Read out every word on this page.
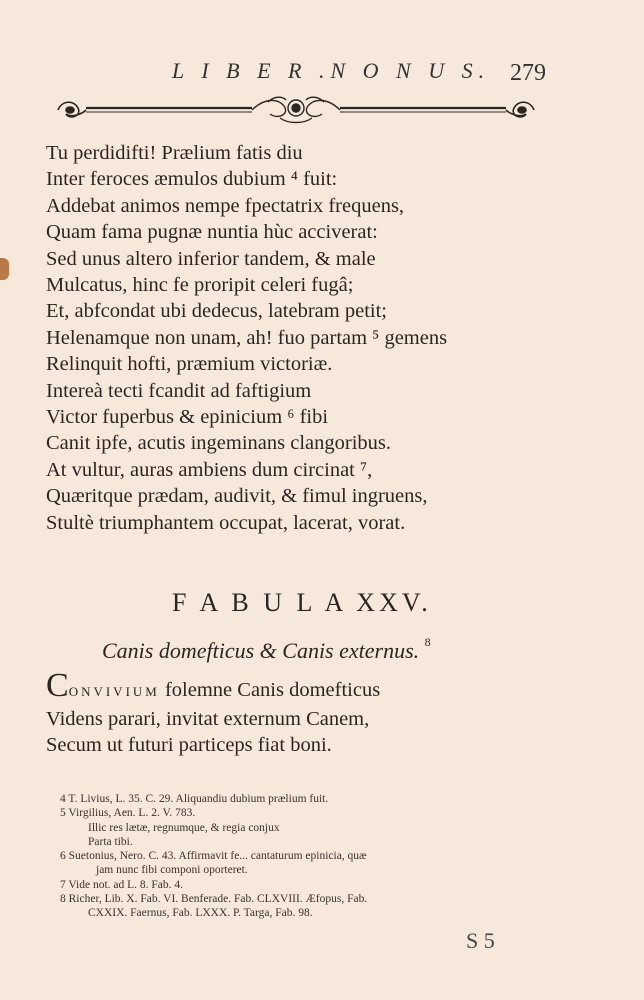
L I B E R .N O N U S. 279
Tu perdidifti! Prælium fatis diu
Inter feroces æmulos dubium ⁴ fuit:
Addebat animos nempe fpectatrix frequens,
Quam fama pugnæ nuntia hùc acciverat:
Sed unus altero inferior tandem, & male
Mulcatus, hinc fe proripit celeri fugâ;
Et, abfcondat ubi dedecus, latebram petit;
Helenamque non unam, ah! fuo partam ⁵ gemens
Relinquit hofti, præmium victoriæ.
Intereà tecti fcandit ad faftigium
Victor fuperbus & epinicium ⁶ fibi
Canit ipfe, acutis ingeminans clangoribus.
At vultur, auras ambiens dum circinat ⁷,
Quæritque prædam, audivit, & fimul ingruens,
Stultè triumphantem occupat, lacerat, vorat.
F A B U L A XXV.
Canis domefticus & Canis externus. $^8$
CONVIVIUM folemne Canis domefticus
Videns parari, invitat externum Canem,
Secum ut futuri particeps fiat boni.
4 T. Livius, L. 35. C. 29. Aliquandiu dubium prælium fuit.
5 Virgilius, Aen. L. 2. V. 783.
Illic res lætæ, regnumque, & regia conjux
Parta tibi.
6 Suetonius, Nero. C. 43. Affirmavit fe... cantaturum epinicia, quæ
jam nunc fibi componi oporteret.
7 Vide not. ad L. 8. Fab. 4.
8 Richer, Lib. X. Fab. VI. Benferade. Fab. CLXVIII. Æfopus, Fab.
CXXIX. Faernus, Fab. LXXX. P. Targa, Fab. 98.
S 5
